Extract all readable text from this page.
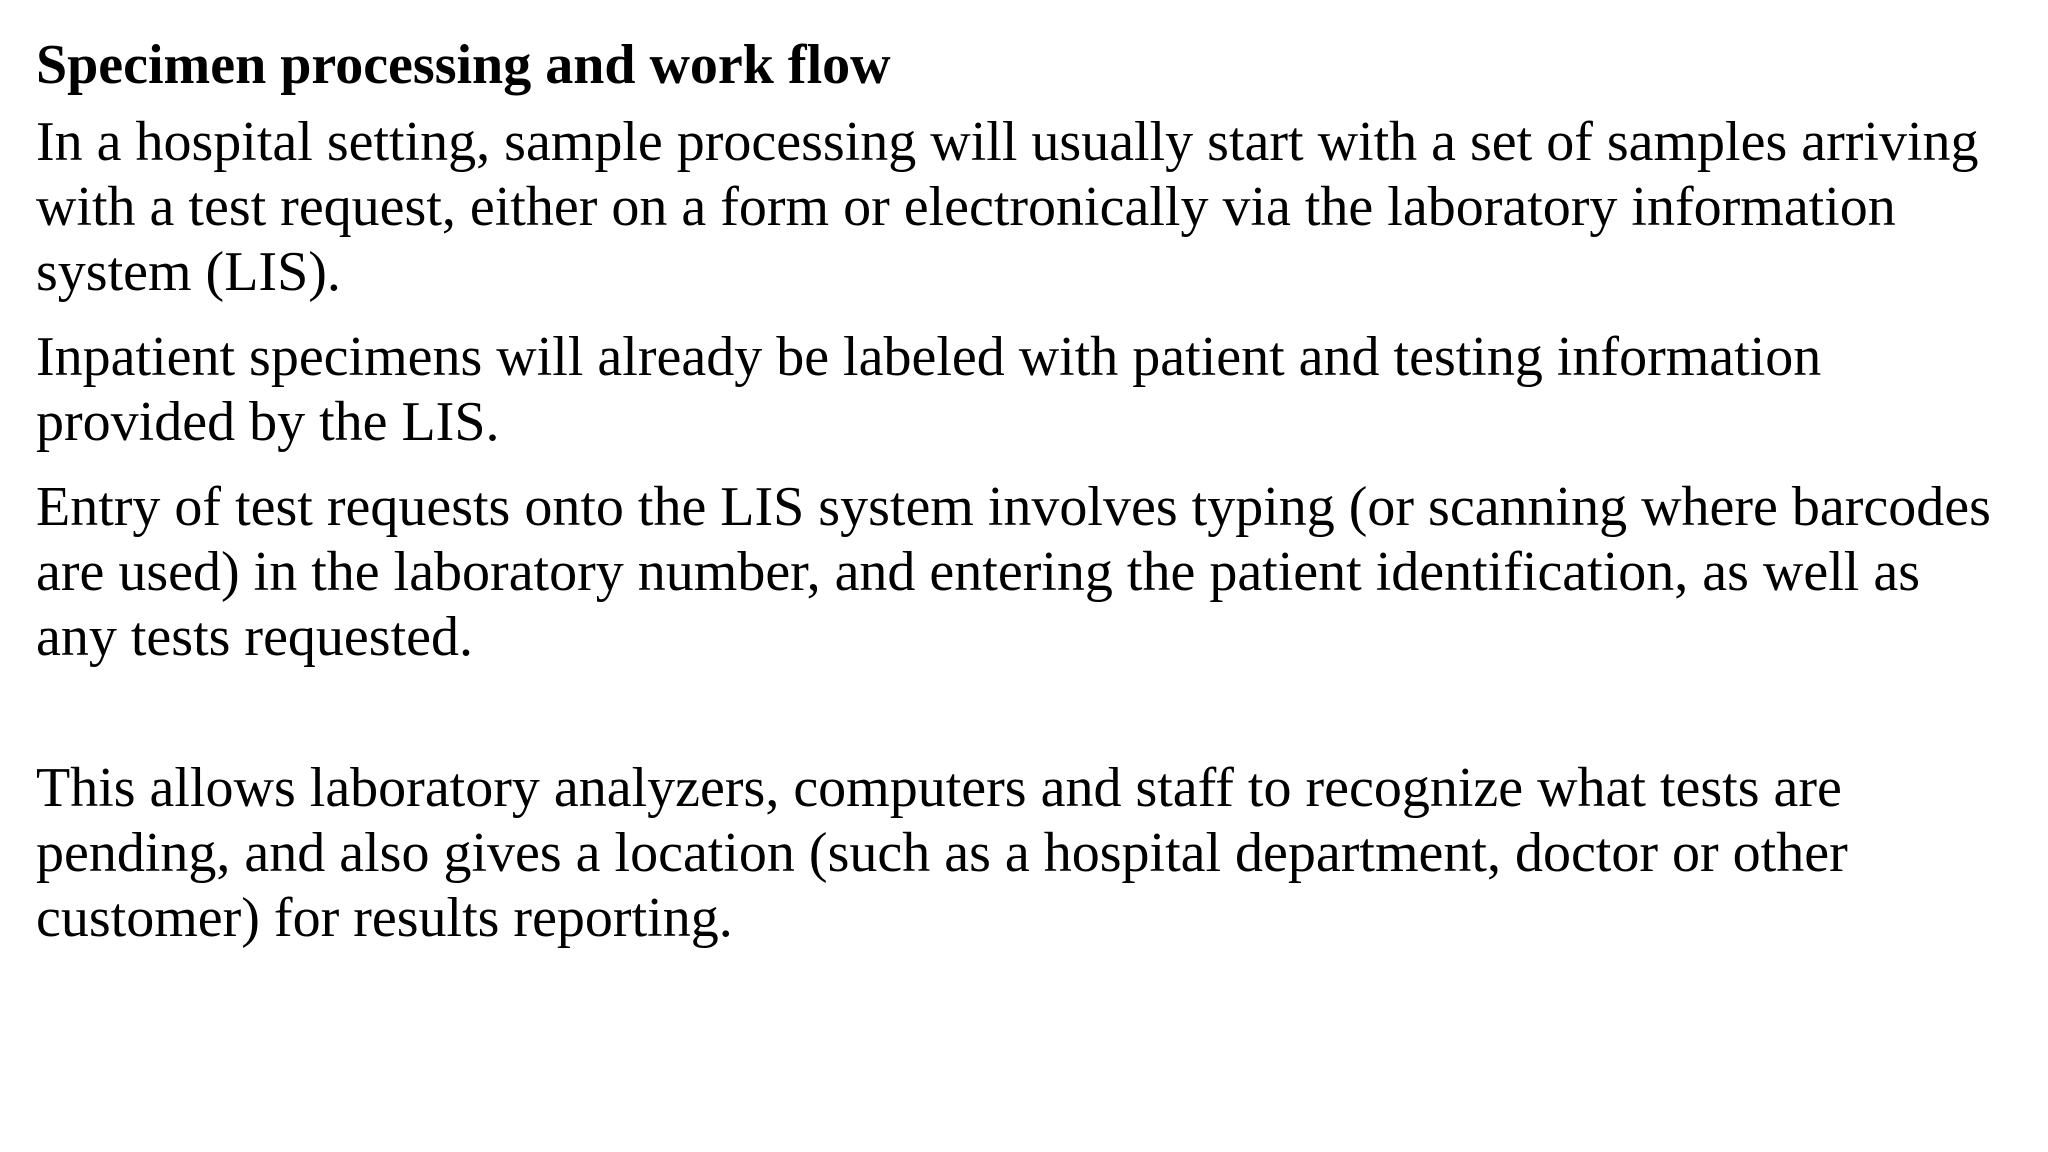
Specimen processing and work flow

In a hospital setting, sample processing will usually start with a set of samples arriving with a test request, either on a form or electronically via the laboratory information system (LIS).

Inpatient specimens will already be labeled with patient and testing information provided by the LIS.

Entry of test requests onto the LIS system involves typing (or scanning where barcodes are used) in the laboratory number, and entering the patient identification, as well as any tests requested.

This allows laboratory analyzers, computers and staff to recognize what tests are pending, and also gives a location (such as a hospital department, doctor or other customer) for results reporting.
